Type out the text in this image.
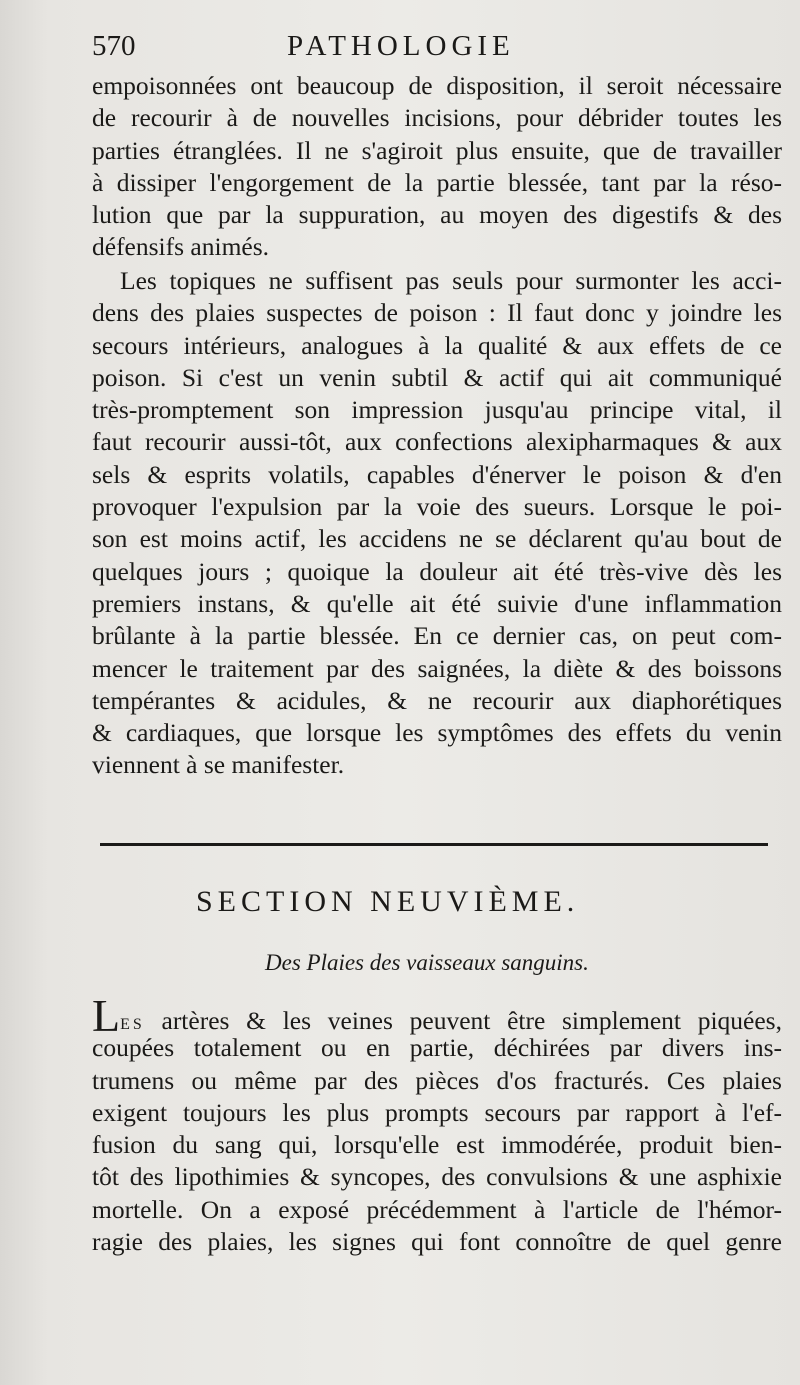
570	PATHOLOGIE
empoisonnées ont beaucoup de disposition, il seroit nécessaire
de recourir à de nouvelles incisions, pour débrider toutes les
parties étranglées. Il ne s'agiroit plus ensuite, que de travailler
à dissiper l'engorgement de la partie blessée, tant par la réso-
lution que par la suppuration, au moyen des digestifs & des
défensifs animés.
Les topiques ne suffisent pas seuls pour surmonter les acci-
dens des plaies suspectes de poison : Il faut donc y joindre les
secours intérieurs, analogues à la qualité & aux effets de ce
poison. Si c'est un venin subtil & actif qui ait communiqué
très-promptement son impression jusqu'au principe vital, il
faut recourir aussi-tôt, aux confections alexipharmaques & aux
sels & esprits volatils, capables d'énerver le poison & d'en
provoquer l'expulsion par la voie des sueurs. Lorsque le poi-
son est moins actif, les accidens ne se déclarent qu'au bout de
quelques jours ; quoique la douleur ait été très-vive dès les
premiers instans, & qu'elle ait été suivie d'une inflammation
brûlante à la partie blessée. En ce dernier cas, on peut com-
mencer le traitement par des saignées, la diète & des boissons
tempérantes & acidules, & ne recourir aux diaphorétiques
& cardiaques, que lorsque les symptômes des effets du venin
viennent à se manifester.
SECTION NEUVIÈME.
Des Plaies des vaisseaux sanguins.
LES artères & les veines peuvent être simplement piquées,
coupées totalement ou en partie, déchirées par divers ins-
trumens ou même par des pièces d'os fracturés. Ces plaies
exigent toujours les plus prompts secours par rapport à l'ef-
fusion du sang qui, lorsqu'elle est immodérée, produit bien-
tôt des lipothimies & syncopes, des convulsions & une asphixie
mortelle. On a exposé précédemment à l'article de l'hémor-
ragie des plaies, les signes qui font connoître de quel genre
